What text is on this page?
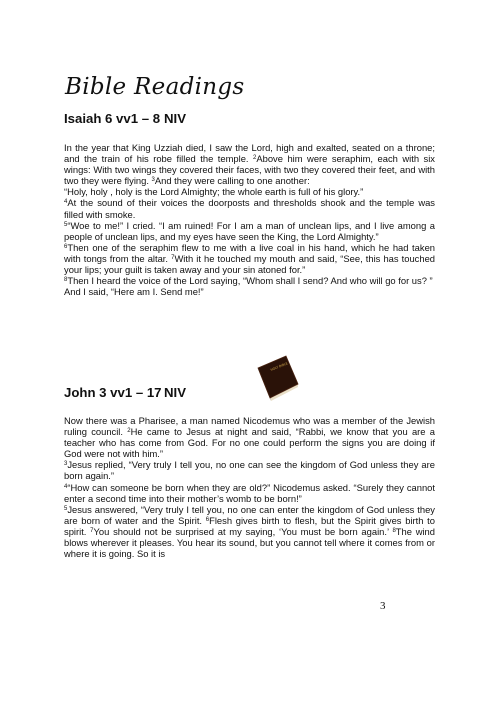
Bible Readings
Isaiah 6 vv1 – 8 NIV

In the year that King Uzziah died, I saw the Lord, high and exalted, seated on a throne; and the train of his robe filled the temple. $^2$Above him were seraphim, each with six wings: With two wings they covered their faces, with two they covered their feet, and with two they were flying. $^3$And they were calling to one another:

“Holy, holy , holy is the Lord Almighty; the whole earth is full of his glory.”

$^4$At the sound of their voices the doorposts and thresholds shook and the temple was filled with smoke.

$^5$“Woe to me!” I cried. “I am ruined! For I am a man of unclean lips, and I live among a people of unclean lips, and my eyes have seen the King, the Lord Almighty.”

$^6$Then one of the seraphim flew to me with a live coal in his hand, which he had taken with tongs from the altar. $^7$With it he touched my mouth and said, “See, this has touched your lips; your guilt is taken away and your sin atoned for.”

$^8$Then I heard the voice of the Lord saying, “Whom shall I send? And who will go for us? ”

And I said, “Here am I. Send me!”

HOLY BIBLE
John 3 vv1 – 17 NIV

Now there was a Pharisee, a man named Nicodemus who was a member of the Jewish ruling council. $^2$He came to Jesus at night and said, “Rabbi, we know that you are a teacher who has come from God. For no one could perform the signs you are doing if God were not with him.”

$^3$Jesus replied, “Very truly I tell you, no one can see the kingdom of God unless they are born again.”

$^4$“How can someone be born when they are old?” Nicodemus asked. “Surely they cannot enter a second time into their mother’s womb to be born!”

$^5$Jesus answered, “Very truly I tell you, no one can enter the kingdom of God unless they are born of water and the Spirit. $^6$Flesh gives birth to flesh, but the Spirit gives birth to spirit. $^7$You should not be surprised at my saying, ‘You must be born again.’ $^8$The wind blows wherever it pleases. You hear its sound, but you cannot tell where it comes from or where it is going. So it is

3
